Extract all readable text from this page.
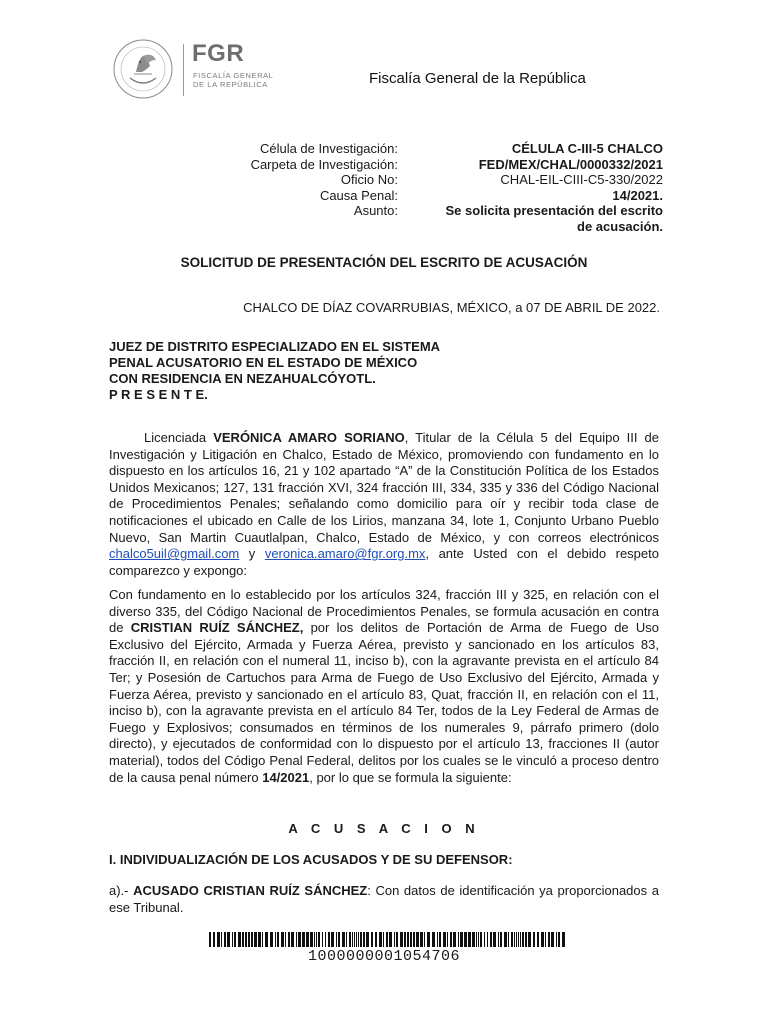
FGR
FISCALÍA GENERAL
DE LA REPÚBLICA	Fiscalía General de la República
Célula de Investigación:
Carpeta de Investigación:
Oficio No:
Causa Penal:
Asunto:
CÉLULA C-III-5 CHALCO
FED/MEX/CHAL/0000332/2021
CHAL-EIL-CIII-C5-330/2022
14/2021.
Se solicita presentación del escrito
de acusación.
SOLICITUD DE PRESENTACIÓN DEL ESCRITO DE ACUSACIÓN
CHALCO DE DÍAZ COVARRUBIAS, MÉXICO, a 07 DE ABRIL DE 2022.
JUEZ DE DISTRITO ESPECIALIZADO EN EL SISTEMA
PENAL ACUSATORIO EN EL ESTADO DE MÉXICO
CON RESIDENCIA EN NEZAHUALCÓYOTL.
P R E S E N T E.
Licenciada VERÓNICA AMARO SORIANO, Titular de la Célula 5 del Equipo III de Investigación y Litigación en Chalco, Estado de México, promoviendo con fundamento en lo dispuesto en los artículos 16, 21 y 102 apartado “A” de la Constitución Política de los Estados Unidos Mexicanos; 127, 131 fracción XVI, 324 fracción III, 334, 335 y 336 del Código Nacional de Procedimientos Penales; señalando como domicilio para oír y recibir toda clase de notificaciones el ubicado en Calle de los Lirios, manzana 34, lote 1, Conjunto Urbano Pueblo Nuevo, San Martin Cuautlalpan, Chalco, Estado de México, y con correos electrónicos chalco5uil@gmail.com y veronica.amaro@fgr.org.mx, ante Usted con el debido respeto comparezco y expongo:
Con fundamento en lo establecido por los artículos 324, fracción III y 325, en relación con el diverso 335, del Código Nacional de Procedimientos Penales, se formula acusación en contra de CRISTIAN RUÍZ SÁNCHEZ, por los delitos de Portación de Arma de Fuego de Uso Exclusivo del Ejército, Armada y Fuerza Aérea, previsto y sancionado en los artículos 83, fracción II, en relación con el numeral 11, inciso b), con la agravante prevista en el artículo 84 Ter; y Posesión de Cartuchos para Arma de Fuego de Uso Exclusivo del Ejército, Armada y Fuerza Aérea, previsto y sancionado en el artículo 83, Quat, fracción II, en relación con el 11, inciso b), con la agravante prevista en el artículo 84 Ter, todos de la Ley Federal de Armas de Fuego y Explosivos; consumados en términos de los numerales 9, párrafo primero (dolo directo), y ejecutados de conformidad con lo dispuesto por el artículo 13, fracciones II (autor material), todos del Código Penal Federal, delitos por los cuales se le vinculó a proceso dentro de la causa penal número 14/2021, por lo que se formula la siguiente:
A C U S A C I O N
I. INDIVIDUALIZACIÓN DE LOS ACUSADOS Y DE SU DEFENSOR:
a).- ACUSADO CRISTIAN RUÍZ SÁNCHEZ: Con datos de identificación ya proporcionados a ese Tribunal.
1000000001054706
